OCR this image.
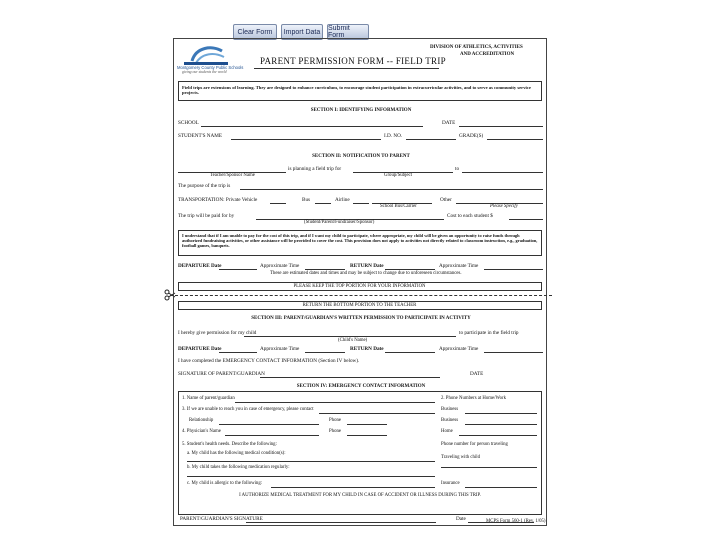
Clear Form	Import Data	Submit Form
Montgomery County Public Schools
giving our students the world
DIVISION OF ATHLETICS, ACTIVITIES
AND ACCREDITATION
PARENT PERMISSION FORM -- FIELD TRIP
Field trips are extensions of learning. They are designed to enhance curriculum, to encourage student participation in extracurricular activities, and to serve as community service projects.
SECTION I: IDENTIFYING INFORMATION
SCHOOL	DATE
STUDENT'S NAME	I.D. NO.	GRADE(S)
SECTION II: NOTIFICATION TO PARENT
is planning a field trip for	to
Teacher/Sponsor Name	Group/Subject
The purpose of the trip is
TRANSPORTATION: Private Vehicle	Bus	Airline	Other
School Bus/Carrier	Please Specify
The trip will be paid for by	Cost to each student $
(Student/Parent/Fundraiser/Sponsor)
I understand that if I am unable to pay for the cost of this trip, and if I want my child to participate, where appropriate, my child will be given an opportunity to raise funds through authorized fundraising activities, or other assistance will be provided to cover the cost. This provision does not apply to activities not directly related to classroom instruction, e.g., graduation, football games, banquets.
DEPARTURE Date	Approximate Time	RETURN Date	Approximate Time
These are estimated dates and times and may be subject to change due to unforeseen circumstances.
PLEASE KEEP THE TOP PORTION FOR YOUR INFORMATION
RETURN THE BOTTOM PORTION TO THE TEACHER
SECTION III: PARENT/GUARDIAN'S WRITTEN PERMISSION TO PARTICIPATE IN ACTIVITY
I hereby give permission for my child	to participate in the field trip
(Child's Name)
DEPARTURE Date	Approximate Time	RETURN Date	Approximate Time
I have completed the EMERGENCY CONTACT INFORMATION (Section IV below).
SIGNATURE OF PARENT/GUARDIAN	DATE
SECTION IV: EMERGENCY CONTACT INFORMATION
1. Name of parent/guardian	2. Phone Numbers at Home/Work
3. If we are unable to reach you in case of emergency, please contact	Business
Relationship	Phone	Business
4. Physician's Name	Phone	Home
5. Student's health needs. Describe the following:	Phone number for person traveling
a. My child has the following medical condition(s):
Traveling with child
b. My child takes the following medication regularly:
c. My child is allergic to the following:	Insurance
I AUTHORIZE MEDICAL TREATMENT FOR MY CHILD IN CASE OF ACCIDENT OR ILLNESS DURING THIS TRIP.
PARENT/GUARDIAN'S SIGNATURE	Date	MCPS Form 560-1 (Rev. 1/05)
